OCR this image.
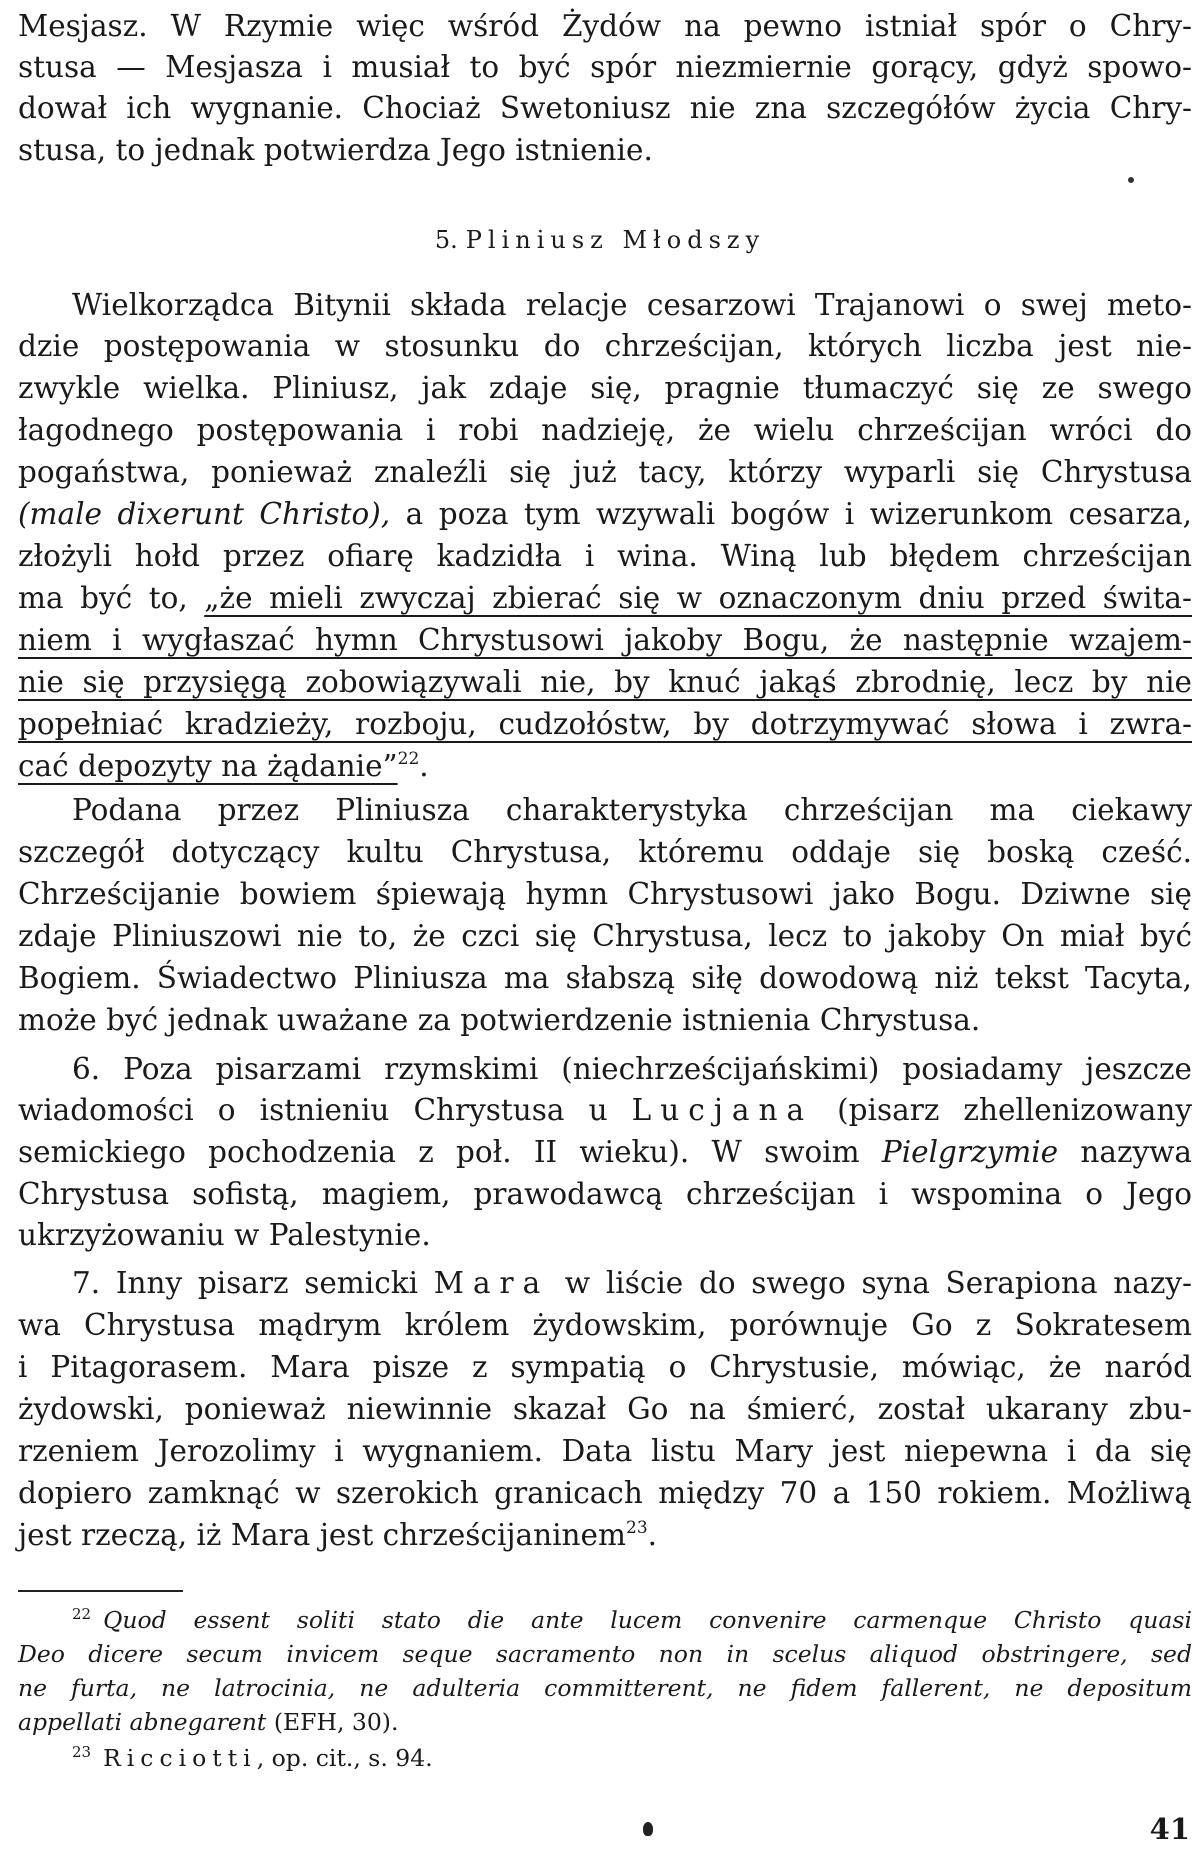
Mesjasz. W Rzymie więc wśród Żydów na pewno istniał spór o Chry-
stusa — Mesjasza i musiał to być spór niezmiernie gorący, gdyż spowo-
dował ich wygnanie. Chociaż Swetoniusz nie zna szczegółów życia Chry-
stusa, to jednak potwierdza Jego istnienie.
5. Pliniusz Młodszy
Wielkorządca Bitynii składa relacje cesarzowi Trajanowi o swej meto-
dzie postępowania w stosunku do chrześcijan, których liczba jest nie-
zwykle wielka. Pliniusz, jak zdaje się, pragnie tłumaczyć się ze swego
łagodnego postępowania i robi nadzieję, że wielu chrześcijan wróci do
pogaństwa, ponieważ znaleźli się już tacy, którzy wyparli się Chrystusa
(male dixerunt Christo), a poza tym wzywali bogów i wizerunkom cesarza,
złożyli hołd przez ofiarę kadzidła i wina. Winą lub błędem chrześcijan
ma być to, „że mieli zwyczaj zbierać się w oznaczonym dniu przed świta-
niem i wygłaszać hymn Chrystusowi jakoby Bogu, że następnie wzajem-
nie się przysięgą zobowiązywali nie, by knuć jakąś zbrodnię, lecz by nie
popełniać kradzieży, rozboju, cudzołóstw, by dotrzymywać słowa i zwra-
cać depozyty na żądanie”$^{22}$.
Podana przez Pliniusza charakterystyka chrześcijan ma ciekawy
szczegół dotyczący kultu Chrystusa, któremu oddaje się boską cześć.
Chrześcijanie bowiem śpiewają hymn Chrystusowi jako Bogu. Dziwne się
zdaje Pliniuszowi nie to, że czci się Chrystusa, lecz to jakoby On miał być
Bogiem. Świadectwo Pliniusza ma słabszą siłę dowodową niż tekst Tacyta,
może być jednak uważane za potwierdzenie istnienia Chrystusa.
6. Poza pisarzami rzymskimi (niechrześcijańskimi) posiadamy jeszcze
wiadomości o istnieniu Chrystusa u Lucjana (pisarz zhellenizowany
semickiego pochodzenia z poł. II wieku). W swoim Pielgrzymie nazywa
Chrystusa sofistą, magiem, prawodawcą chrześcijan i wspomina o Jego
ukrzyżowaniu w Palestynie.
7. Inny pisarz semicki Mara w liście do swego syna Serapiona nazy-
wa Chrystusa mądrym królem żydowskim, porównuje Go z Sokratesem
i Pitagorasem. Mara pisze z sympatią o Chrystusie, mówiąc, że naród
żydowski, ponieważ niewinnie skazał Go na śmierć, został ukarany zbu-
rzeniem Jerozolimy i wygnaniem. Data listu Mary jest niepewna i da się
dopiero zamknąć w szerokich granicach między 70 a 150 rokiem. Możliwą
jest rzeczą, iż Mara jest chrześcijaninem$^{23}$.
$^{22}$ Quod essent soliti stato die ante lucem convenire carmenque Christo quasi
Deo dicere secum invicem seque sacramento non in scelus aliquod obstringere, sed
ne furta, ne latrocinia, ne adulteria committerent, ne fidem fallerent, ne depositum
appellati abnegarent (EFH, 30).
$^{23}$ Ricciotti, op. cit., s. 94.
41
